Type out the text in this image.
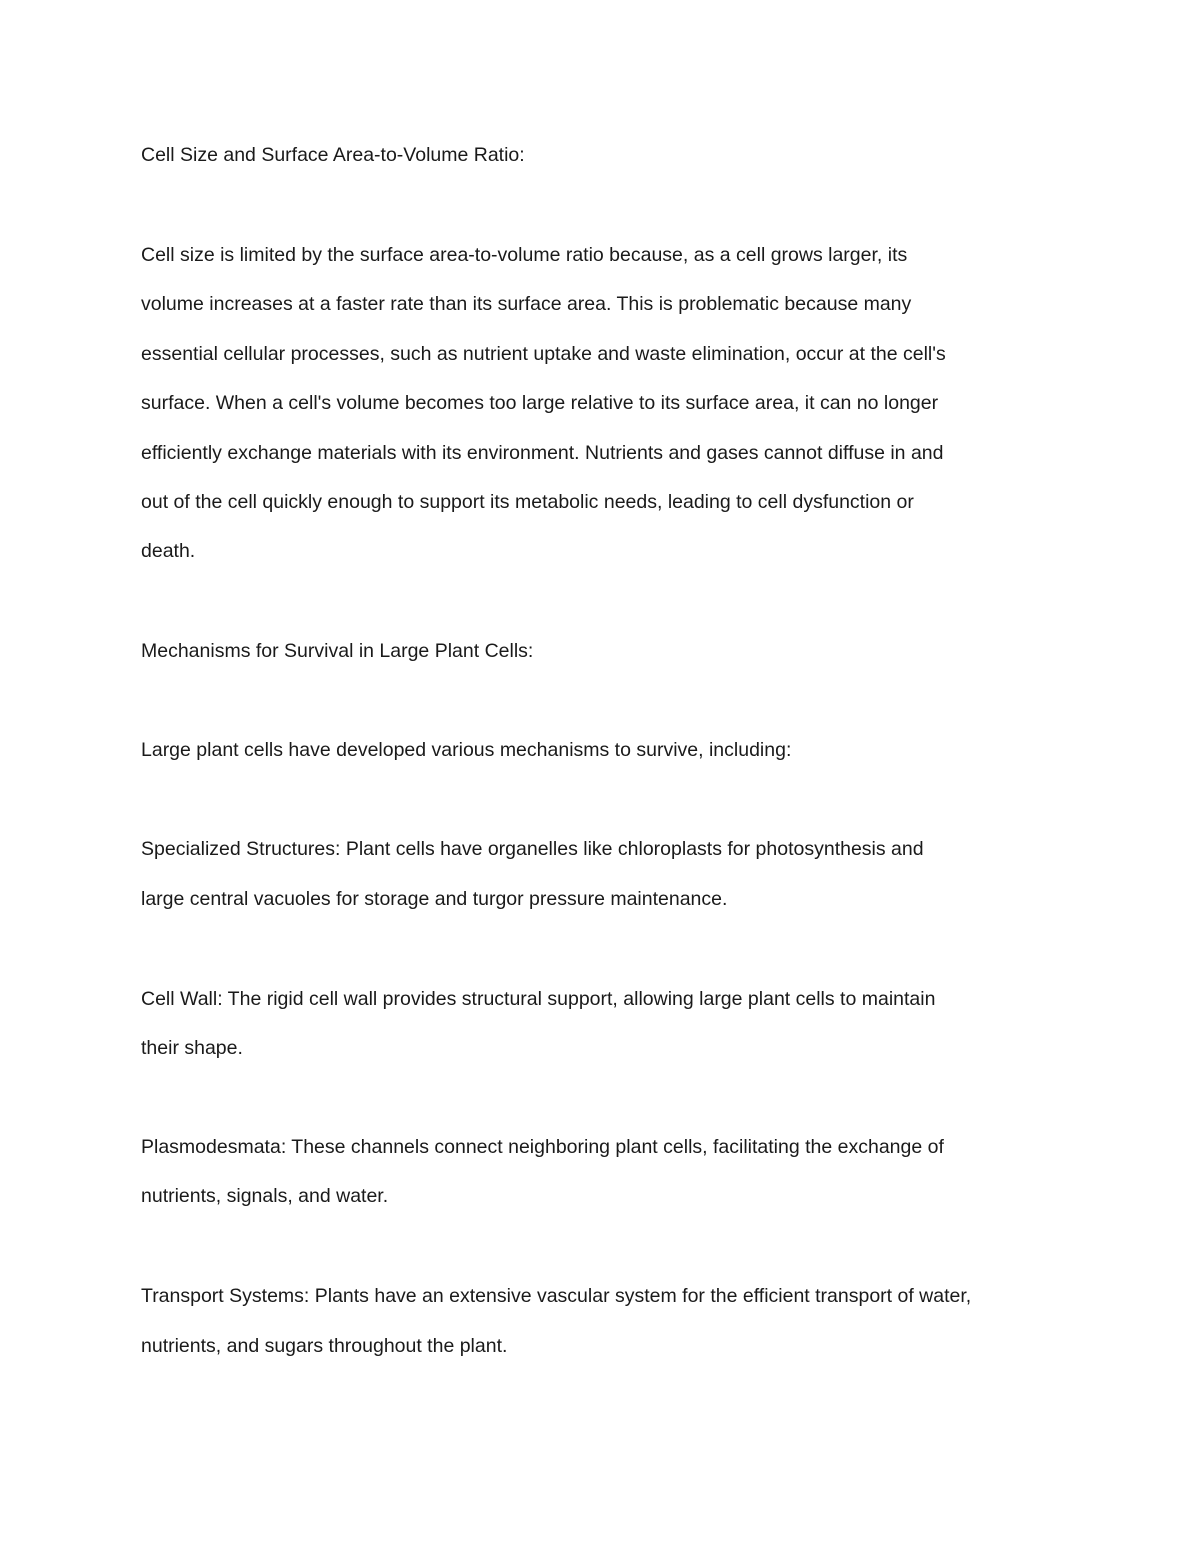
Cell Size and Surface Area-to-Volume Ratio:
Cell size is limited by the surface area-to-volume ratio because, as a cell grows larger, its
volume increases at a faster rate than its surface area. This is problematic because many
essential cellular processes, such as nutrient uptake and waste elimination, occur at the cell's
surface. When a cell's volume becomes too large relative to its surface area, it can no longer
efficiently exchange materials with its environment. Nutrients and gases cannot diffuse in and
out of the cell quickly enough to support its metabolic needs, leading to cell dysfunction or
death.
Mechanisms for Survival in Large Plant Cells:
Large plant cells have developed various mechanisms to survive, including:
Specialized Structures: Plant cells have organelles like chloroplasts for photosynthesis and
large central vacuoles for storage and turgor pressure maintenance.
Cell Wall: The rigid cell wall provides structural support, allowing large plant cells to maintain
their shape.
Plasmodesmata: These channels connect neighboring plant cells, facilitating the exchange of
nutrients, signals, and water.
Transport Systems: Plants have an extensive vascular system for the efficient transport of water,
nutrients, and sugars throughout the plant.
